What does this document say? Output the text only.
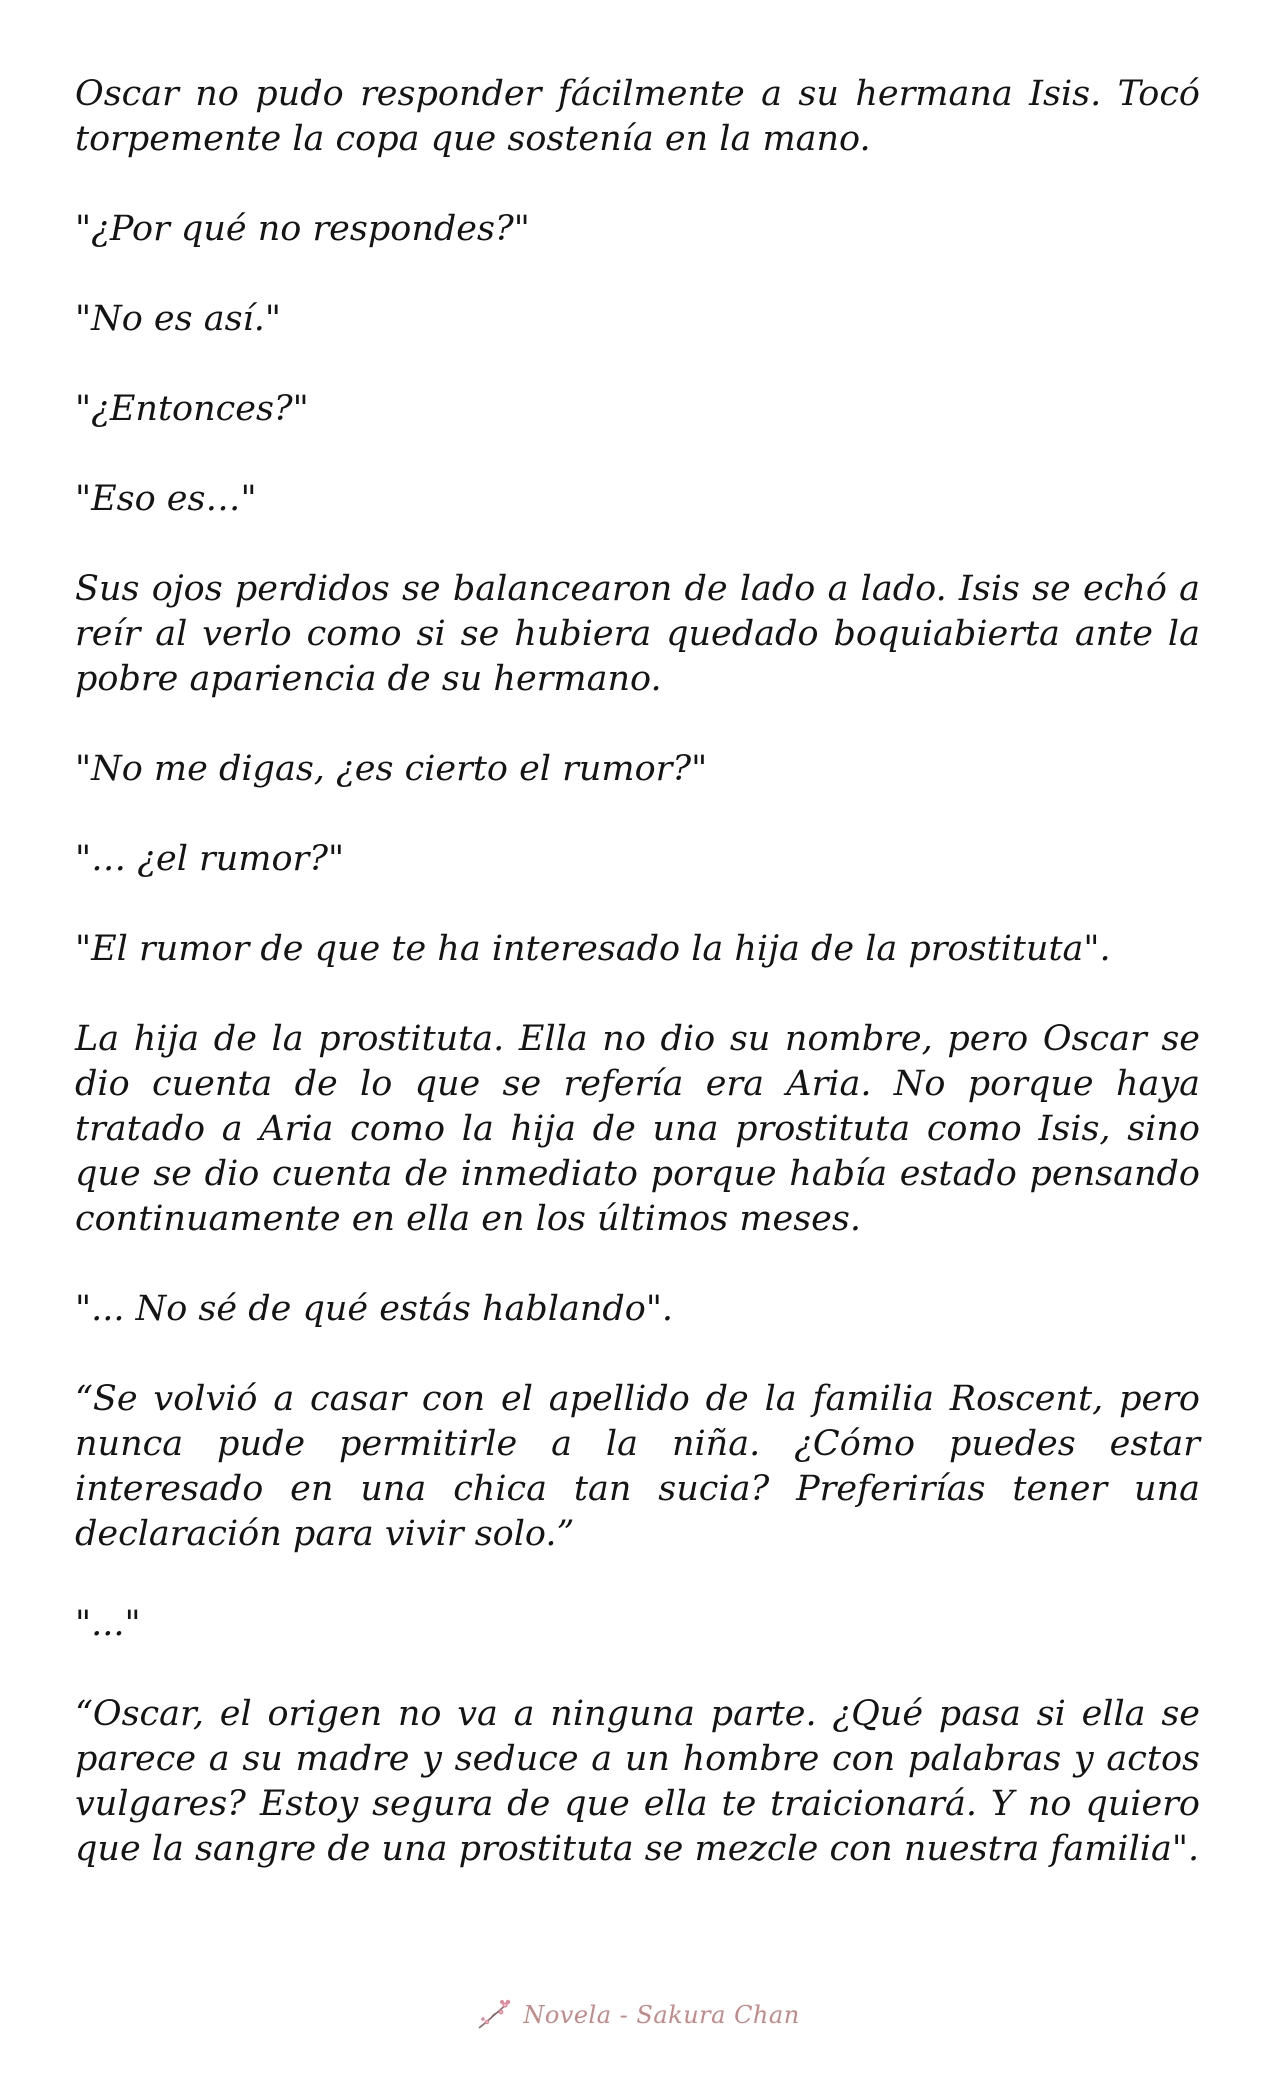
Oscar no pudo responder fácilmente a su hermana Isis. Tocó torpemente la copa que sostenía en la mano.

"¿Por qué no respondes?"

"No es así."

"¿Entonces?"

"Eso es…"

Sus ojos perdidos se balancearon de lado a lado. Isis se echó a reír al verlo como si se hubiera quedado boquiabierta ante la pobre apariencia de su hermano.

"No me digas, ¿es cierto el rumor?"

"… ¿el rumor?"

"El rumor de que te ha interesado la hija de la prostituta".

La hija de la prostituta. Ella no dio su nombre, pero Oscar se dio cuenta de lo que se refería era Aria. No porque haya tratado a Aria como la hija de una prostituta como Isis, sino que se dio cuenta de inmediato porque había estado pensando continuamente en ella en los últimos meses.

"... No sé de qué estás hablando".

“Se volvió a casar con el apellido de la familia Roscent, pero nunca pude permitirle a la niña. ¿Cómo puedes estar interesado en una chica tan sucia? Preferirías tener una declaración para vivir solo.”

"..."

“Oscar, el origen no va a ninguna parte. ¿Qué pasa si ella se parece a su madre y seduce a un hombre con palabras y actos vulgares? Estoy segura de que ella te traicionará. Y no quiero que la sangre de una prostituta se mezcle con nuestra familia".

Novela - Sakura Chan
